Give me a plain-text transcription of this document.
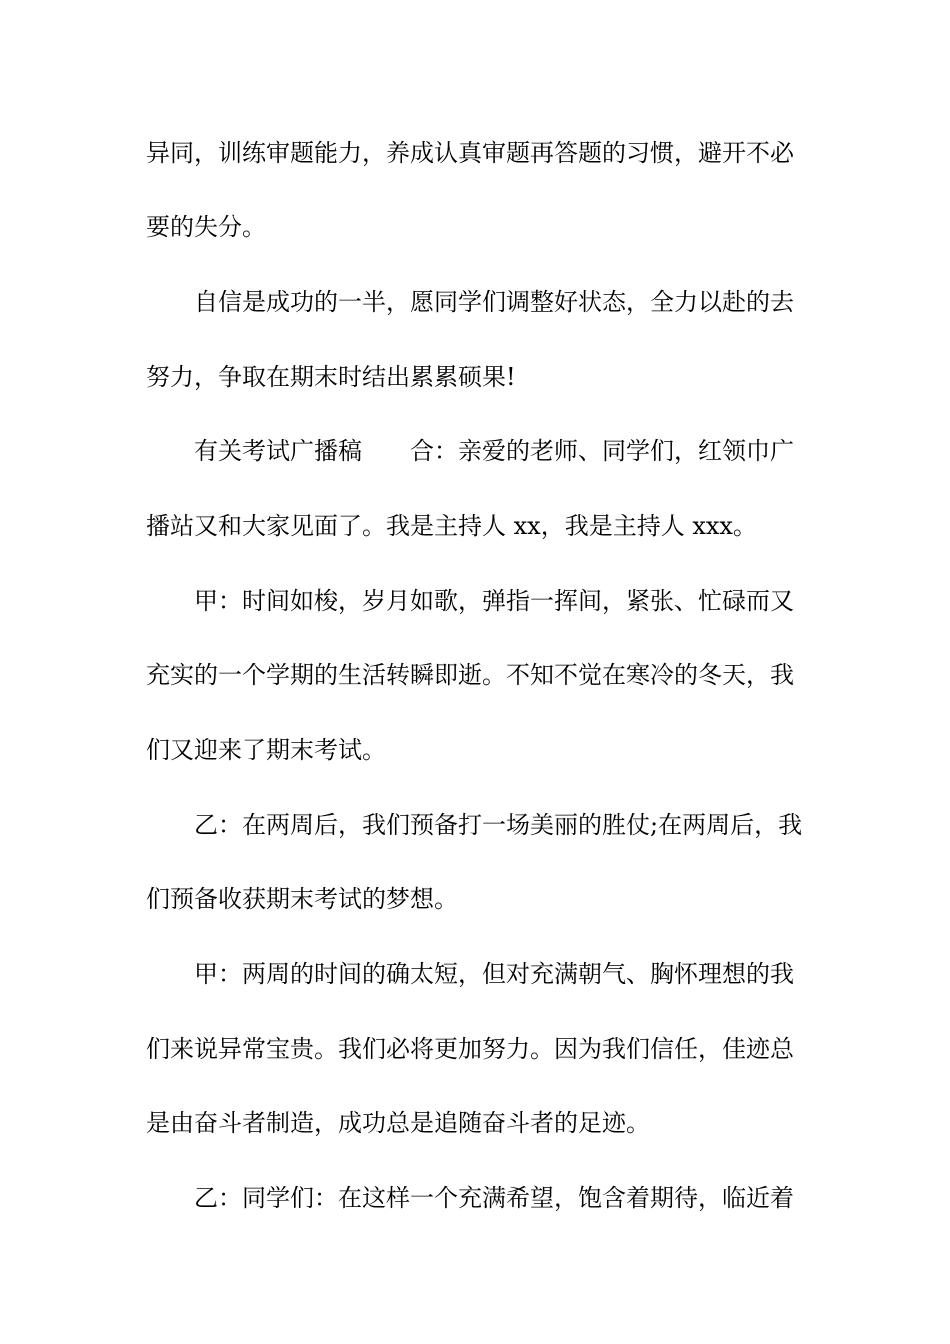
异同，训练审题能力，养成认真审题再答题的习惯，避开不必
要的失分。
自信是成功的一半，愿同学们调整好状态，全力以赴的去
努力，争取在期末时结出累累硕果!
有关考试广播稿　　合：亲爱的老师、同学们，红领巾广
播站又和大家见面了。我是主持人 xx，我是主持人 xxx。
甲：时间如梭，岁月如歌，弹指一挥间，紧张、忙碌而又
充实的一个学期的生活转瞬即逝。不知不觉在寒冷的冬天，我
们又迎来了期末考试。
乙：在两周后，我们预备打一场美丽的胜仗;在两周后，我
们预备收获期末考试的梦想。
甲：两周的时间的确太短，但对充满朝气、胸怀理想的我
们来说异常宝贵。我们必将更加努力。因为我们信任，佳迹总
是由奋斗者制造，成功总是追随奋斗者的足迹。
乙：同学们：在这样一个充满希望，饱含着期待，临近着
